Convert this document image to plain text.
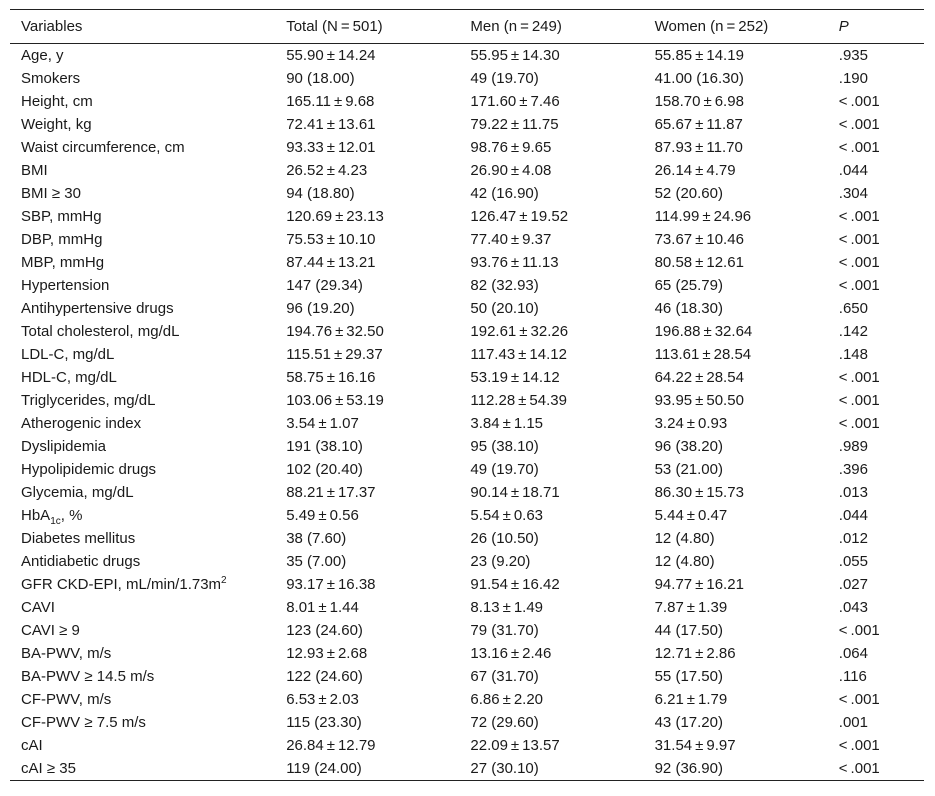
Variables	Total (N = 501)	Men (n = 249)	Women (n = 252)	P
Age, y	55.90 ± 14.24	55.95 ± 14.30	55.85 ± 14.19	.935
Smokers	90 (18.00)	49 (19.70)	41.00 (16.30)	.190
Height, cm	165.11 ± 9.68	171.60 ± 7.46	158.70 ± 6.98	< .001
Weight, kg	72.41 ± 13.61	79.22 ± 11.75	65.67 ± 11.87	< .001
Waist circumference, cm	93.33 ± 12.01	98.76 ± 9.65	87.93 ± 11.70	< .001
BMI	26.52 ± 4.23	26.90 ± 4.08	26.14 ± 4.79	.044
BMI ≥ 30	94 (18.80)	42 (16.90)	52 (20.60)	.304
SBP, mmHg	120.69 ± 23.13	126.47 ± 19.52	114.99 ± 24.96	< .001
DBP, mmHg	75.53 ± 10.10	77.40 ± 9.37	73.67 ± 10.46	< .001
MBP, mmHg	87.44 ± 13.21	93.76 ± 11.13	80.58 ± 12.61	< .001
Hypertension	147 (29.34)	82 (32.93)	65 (25.79)	< .001
Antihypertensive drugs	96 (19.20)	50 (20.10)	46 (18.30)	.650
Total cholesterol, mg/dL	194.76 ± 32.50	192.61 ± 32.26	196.88 ± 32.64	.142
LDL-C, mg/dL	115.51 ± 29.37	117.43 ± 14.12	113.61 ± 28.54	.148
HDL-C, mg/dL	58.75 ± 16.16	53.19 ± 14.12	64.22 ± 28.54	< .001
Triglycerides, mg/dL	103.06 ± 53.19	112.28 ± 54.39	93.95 ± 50.50	< .001
Atherogenic index	3.54 ± 1.07	3.84 ± 1.15	3.24 ± 0.93	< .001
Dyslipidemia	191 (38.10)	95 (38.10)	96 (38.20)	.989
Hypolipidemic drugs	102 (20.40)	49 (19.70)	53 (21.00)	.396
Glycemia, mg/dL	88.21 ± 17.37	90.14 ± 18.71	86.30 ± 15.73	.013
HbA$_{1c}$, %	5.49 ± 0.56	5.54 ± 0.63	5.44 ± 0.47	.044
Diabetes mellitus	38 (7.60)	26 (10.50)	12 (4.80)	.012
Antidiabetic drugs	35 (7.00)	23 (9.20)	12 (4.80)	.055
GFR CKD-EPI, $mL/\min/1.73m^2$	93.17 ± 16.38	91.54 ± 16.42	94.77 ± 16.21	.027
CAVI	8.01 ± 1.44	8.13 ± 1.49	7.87 ± 1.39	.043
CAVI ≥ 9	123 (24.60)	79 (31.70)	44 (17.50)	< .001
BA-PWV, m/s	12.93 ± 2.68	13.16 ± 2.46	12.71 ± 2.86	.064
BA-PWV ≥ 14.5 m/s	122 (24.60)	67 (31.70)	55 (17.50)	.116
CF-PWV, m/s	6.53 ± 2.03	6.86 ± 2.20	6.21 ± 1.79	< .001
CF-PWV ≥ 7.5 m/s	115 (23.30)	72 (29.60)	43 (17.20)	.001
cAI	26.84 ± 12.79	22.09 ± 13.57	31.54 ± 9.97	< .001
cAI ≥ 35	119 (24.00)	27 (30.10)	92 (36.90)	< .001
